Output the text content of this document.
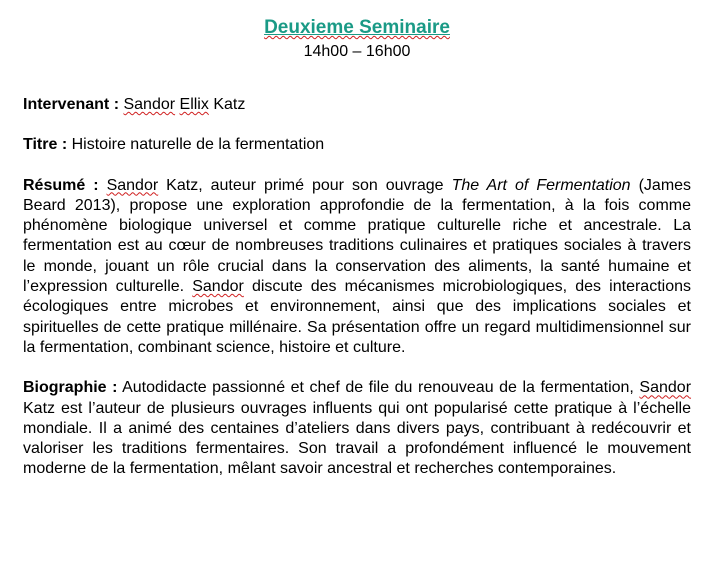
Deuxieme Seminaire
14h00 – 16h00

Intervenant : Sandor Ellix Katz

Titre : Histoire naturelle de la fermentation

Résumé : Sandor Katz, auteur primé pour son ouvrage The Art of Fermentation (James Beard 2013), propose une exploration approfondie de la fermentation, à la fois comme phénomène biologique universel et comme pratique culturelle riche et ancestrale. La fermentation est au cœur de nombreuses traditions culinaires et pratiques sociales à travers le monde, jouant un rôle crucial dans la conservation des aliments, la santé humaine et l’expression culturelle. Sandor discute des mécanismes microbiologiques, des interactions écologiques entre microbes et environnement, ainsi que des implications sociales et spirituelles de cette pratique millénaire. Sa présentation offre un regard multidimensionnel sur la fermentation, combinant science, histoire et culture.

Biographie : Autodidacte passionné et chef de file du renouveau de la fermentation, Sandor Katz est l’auteur de plusieurs ouvrages influents qui ont popularisé cette pratique à l’échelle mondiale. Il a animé des centaines d’ateliers dans divers pays, contribuant à redécouvrir et valoriser les traditions fermentaires. Son travail a profondément influencé le mouvement moderne de la fermentation, mêlant savoir ancestral et recherches contemporaines.
